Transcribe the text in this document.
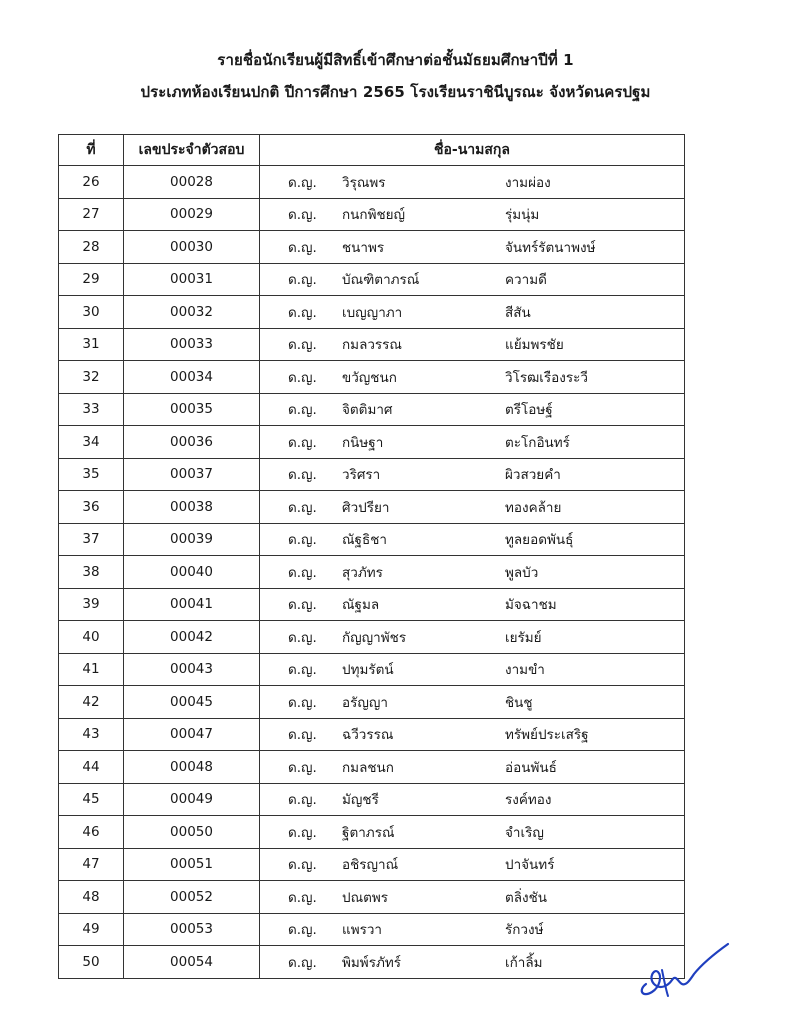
รายชื่อนักเรียนผู้มีสิทธิ์เข้าศึกษาต่อชั้นมัธยมศึกษาปีที่ 1
ประเภทห้องเรียนปกติ ปีการศึกษา 2565 โรงเรียนราชินีบูรณะ จังหวัดนครปฐม
ที่	เลขประจำตัวสอบ	ชื่อ-นามสกุล
26	00028	ด.ญ. วิรุณพร งามผ่อง

27	00029	ด.ญ. กนกพิชยญ์ รุ่มนุ่ม

28	00030	ด.ญ. ชนาพร จันทร์รัตนาพงษ์

29	00031	ด.ญ. บัณฑิตาภรณ์ ความดี

30	00032	ด.ญ. เบญญาภา สีสัน

31	00033	ด.ญ. กมลวรรณ แย้มพรชัย

32	00034	ด.ญ. ขวัญชนก วิโรฒเรืองระวี

33	00035	ด.ญ. จิตติมาศ ตรีโอษฐ์

34	00036	ด.ญ. กนิษฐา ตะโกอินทร์

35	00037	ด.ญ. วริศรา ผิวสวยคำ

36	00038	ด.ญ. ศิวปรียา ทองคล้าย

37	00039	ด.ญ. ณัฐธิชา ทูลยอดพันธุ์

38	00040	ด.ญ. สุวภัทร พูลบัว

39	00041	ด.ญ. ณัฐมล มัจฉาชม

40	00042	ด.ญ. กัญญาพัชร เยรัมย์

41	00043	ด.ญ. ปทุมรัตน์ งามขำ

42	00045	ด.ญ. อรัญญา ชินชู

43	00047	ด.ญ. ฉวีวรรณ ทรัพย์ประเสริฐ

44	00048	ด.ญ. กมลชนก อ่อนพันธ์

45	00049	ด.ญ. มัญชรี รงค์ทอง

46	00050	ด.ญ. ฐิตาภรณ์ จำเริญ

47	00051	ด.ญ. อชิรญาณ์ ปาจันทร์

48	00052	ด.ญ. ปณตพร ตลิ่งชัน

49	00053	ด.ญ. แพรวา รักวงษ์

50	00054	ด.ญ. พิมพ์รภัทร์ เก้าลิ้ม
